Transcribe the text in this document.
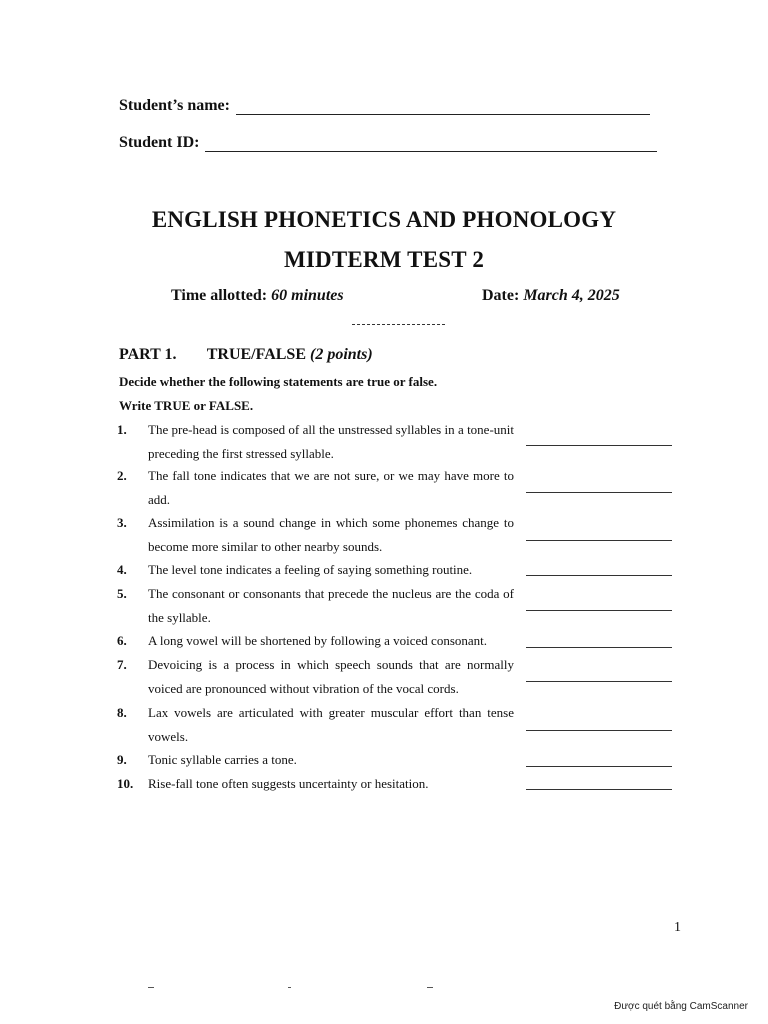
Student’s name:
Student ID:
ENGLISH PHONETICS AND PHONOLOGY
MIDTERM TEST 2
Time allotted: 60 minutes	Date: March 4, 2025
PART 1. TRUE/FALSE (2 points)
Decide whether the following statements are true or false.
Write TRUE or FALSE.
1. The pre-head is composed of all the unstressed syllables in a tone-unit preceding the first stressed syllable.
2. The fall tone indicates that we are not sure, or we may have more to add.
3. Assimilation is a sound change in which some phonemes change to become more similar to other nearby sounds.
4. The level tone indicates a feeling of saying something routine.
5. The consonant or consonants that precede the nucleus are the coda of the syllable.
6. A long vowel will be shortened by following a voiced consonant.
7. Devoicing is a process in which speech sounds that are normally voiced are pronounced without vibration of the vocal cords.
8. Lax vowels are articulated with greater muscular effort than tense vowels.
9. Tonic syllable carries a tone.
10. Rise-fall tone often suggests uncertainty or hesitation.
1
Được quét bằng CamScanner
